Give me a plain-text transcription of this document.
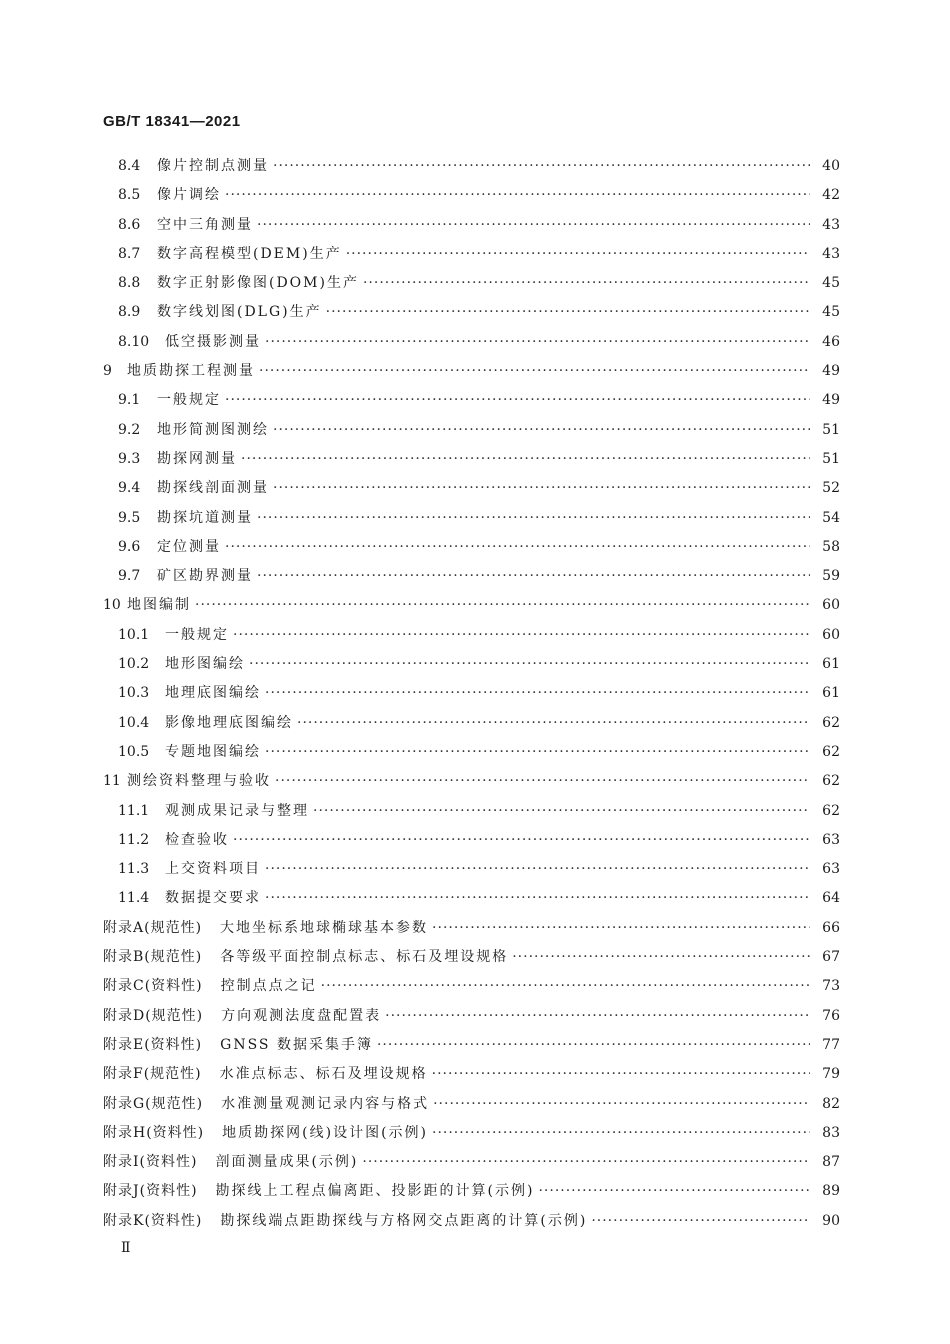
GB/T 18341—2021
8.4	像片控制点测量 ·····	40
8.5	像片调绘 ·····	42
8.6	空中三角测量 ·····	43
8.7	数字高程模型(DEM)生产 ·····	43
8.8	数字正射影像图(DOM)生产 ·····	45
8.9	数字线划图(DLG)生产 ·····	45
8.10	低空摄影测量 ·····	46
9	地质勘探工程测量 ·····	49
9.1	一般规定 ·····	49
9.2	地形简测图测绘 ·····	51
9.3	勘探网测量 ·····	51
9.4	勘探线剖面测量 ·····	52
9.5	勘探坑道测量 ·····	54
9.6	定位测量 ·····	58
9.7	矿区勘界测量 ·····	59
10 地图编制 ·····	60
10.1	一般规定 ·····	60
10.2	地形图编绘 ·····	61
10.3	地理底图编绘 ·····	61
10.4	影像地理底图编绘 ·····	62
10.5	专题地图编绘 ·····	62
11 测绘资料整理与验收 ·····	62
11.1	观测成果记录与整理 ·····	62
11.2	检查验收 ·····	63
11.3	上交资料项目 ·····	63
11.4	数据提交要求 ·····	64
附录A(规范性) 大地坐标系地球椭球基本参数 ·····	66
附录B(规范性) 各等级平面控制点标志、标石及埋设规格 ·····	67
附录C(资料性) 控制点点之记 ·····	73
附录D(规范性) 方向观测法度盘配置表 ·····	76
附录E(资料性) GNSS 数据采集手簿 ·····	77
附录F(规范性) 水准点标志、标石及埋设规格 ·····	79
附录G(规范性) 水准测量观测记录内容与格式 ·····	82
附录H(资料性) 地质勘探网(线)设计图(示例) ·····	83
附录I(资料性) 剖面测量成果(示例) ·····	87
附录J(资料性) 勘探线上工程点偏离距、投影距的计算(示例) ·····	89
附录K(资料性) 勘探线端点距勘探线与方格网交点距离的计算(示例) ·····	90
Ⅱ
